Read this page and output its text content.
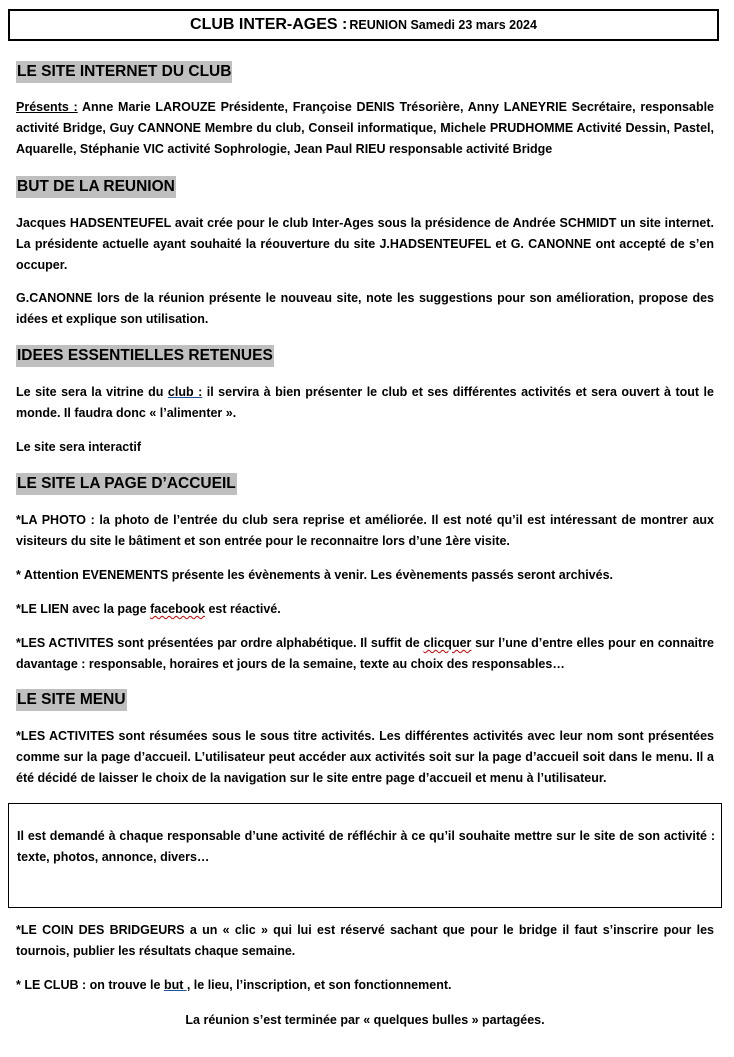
CLUB INTER-AGES : REUNION Samedi 23 mars 2024
LE SITE INTERNET DU CLUB

Présents : Anne Marie LAROUZE Présidente, Françoise DENIS Trésorière, Anny LANEYRIE Secrétaire, responsable activité Bridge, Guy CANNONE Membre du club, Conseil informatique, Michele PRUDHOMME Activité Dessin, Pastel, Aquarelle, Stéphanie VIC activité Sophrologie, Jean Paul RIEU responsable activité Bridge

BUT DE LA REUNION

Jacques HADSENTEUFEL avait crée pour le club Inter-Ages sous la présidence de Andrée SCHMIDT un site internet. La présidente actuelle ayant souhaité la réouverture du site J.HADSENTEUFEL et G. CANONNE ont accepté de s’en occuper.

G.CANONNE lors de la réunion présente le nouveau site, note les suggestions pour son amélioration, propose des idées et explique son utilisation.

IDEES ESSENTIELLES RETENUES

Le site sera la vitrine du club : il servira à bien présenter le club et ses différentes activités et sera ouvert à tout le monde. Il faudra donc « l’alimenter ».

Le site sera interactif

LE SITE LA PAGE D’ACCUEIL

*LA PHOTO : la photo de l’entrée du club sera reprise et améliorée. Il est noté qu’il est intéressant de montrer aux visiteurs du site le bâtiment et son entrée pour le reconnaitre lors d’une 1ère visite.

* Attention EVENEMENTS présente les évènements à venir. Les évènements passés seront archivés.

*LE LIEN avec la page facebook est réactivé.

*LES ACTIVITES sont présentées par ordre alphabétique. Il suffit de clicquer sur l’une d’entre elles pour en connaitre davantage : responsable, horaires et jours de la semaine, texte au choix des responsables…

LE SITE MENU

*LES ACTIVITES sont résumées sous le sous titre activités. Les différentes activités avec leur nom sont présentées comme sur la page d’accueil. L’utilisateur peut accéder aux activités soit sur la page d’accueil soit dans le menu. Il a été décidé de laisser le choix de la navigation sur le site entre page d’accueil et menu à l’utilisateur.

Il est demandé à chaque responsable d’une activité de réfléchir à ce qu’il souhaite mettre sur le site de son activité : texte, photos, annonce, divers…

*LE COIN DES BRIDGEURS a un « clic » qui lui est réservé sachant que pour le bridge il faut s’inscrire pour les tournois, publier les résultats chaque semaine.

* LE CLUB : on trouve le but , le lieu, l’inscription, et son fonctionnement.

La réunion s’est terminée par « quelques bulles » partagées.
